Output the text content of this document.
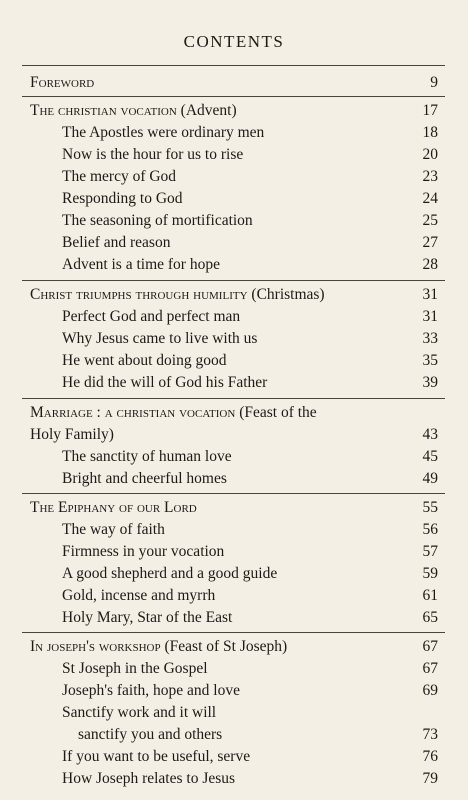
CONTENTS
Foreword	9
The christian vocation (Advent)	17
The Apostles were ordinary men	18
Now is the hour for us to rise	20
The mercy of God	23
Responding to God	24
The seasoning of mortification	25
Belief and reason	27
Advent is a time for hope	28
Christ triumphs through humility (Christmas)	31
Perfect God and perfect man	31
Why Jesus came to live with us	33
He went about doing good	35
He did the will of God his Father	39
Marriage : a christian vocation (Feast of the
Holy Family)	43
The sanctity of human love	45
Bright and cheerful homes	49
The Epiphany of our Lord	55
The way of faith	56
Firmness in your vocation	57
A good shepherd and a good guide	59
Gold, incense and myrrh	61
Holy Mary, Star of the East	65
In joseph's workshop (Feast of St Joseph)	67
St Joseph in the Gospel	67
Joseph's faith, hope and love	69
Sanctify work and it will
sanctify you and others	73
If you want to be useful, serve	76
How Joseph relates to Jesus	79
